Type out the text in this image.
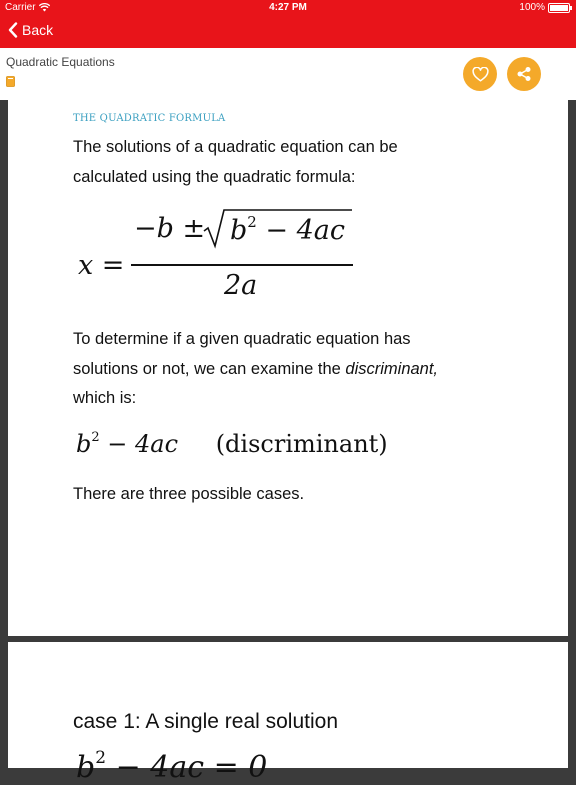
Carrier	4:27 PM	100%
Back
Quadratic Equations
THE QUADRATIC FORMULA
The solutions of a quadratic equation can be
calculated using the quadratic formula:
x =
$-b \pm b^2 - 4ac$
2a
To determine if a given quadratic equation has
solutions or not, we can examine the discriminant,
which is:
$b^2 - 4ac$ (discriminant)
There are three possible cases.
case 1: A single real solution
$b^2 - 4ac = 0$
